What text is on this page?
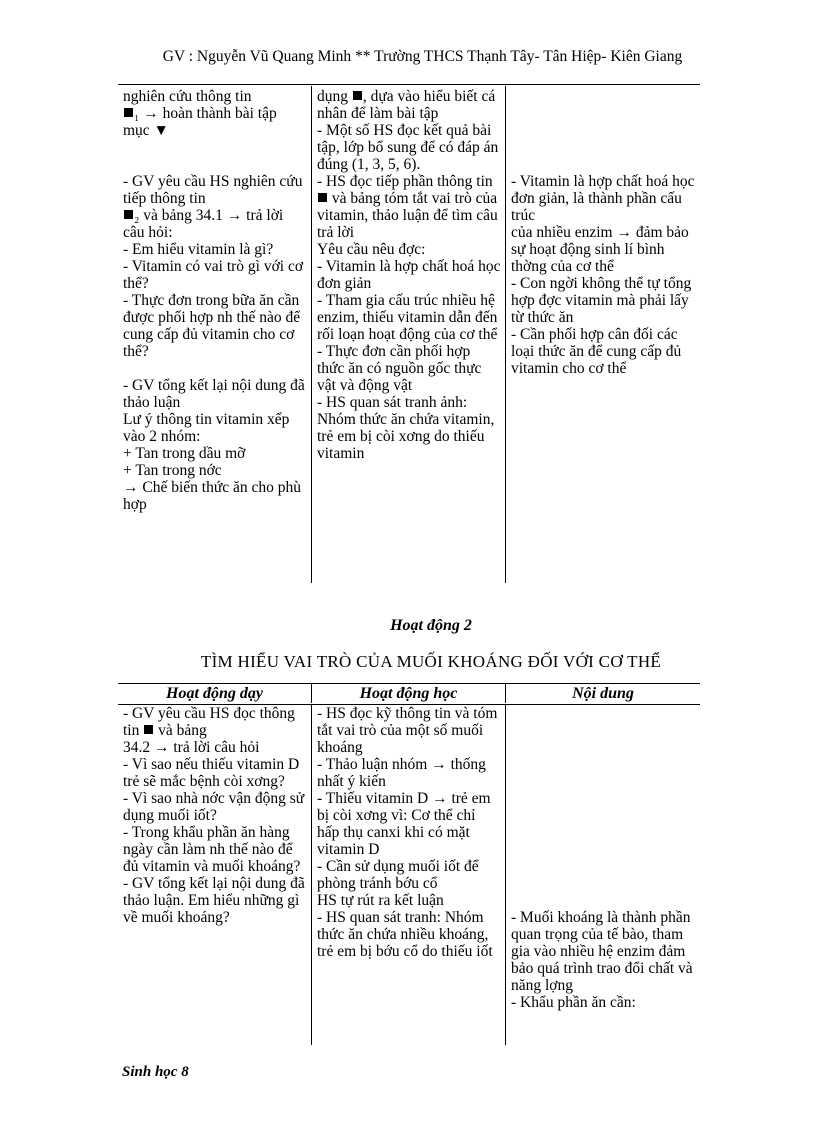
GV : Nguyễn Vũ Quang Minh ** Trường THCS Thạnh Tây- Tân Hiệp- Kiên Giang

nghiên cứu thông tin

₁ → hoàn thành bài tập mục ▼

- GV yêu cầu HS nghiên cứu tiếp thông tin

₂ và bảng 34.1 → trả lời câu hỏi:

- Em hiểu vitamin là gì?

- Vitamin có vai trò gì với cơ thể?

- Thực đơn trong bữa ăn cần được phối hợp nh thế nào để cung cấp đủ vitamin cho cơ thể?

- GV tổng kết lại nội dung đã thảo luận

Lư ý thông tin vitamin xếp vào 2 nhóm:

+ Tan trong dầu mỡ

+ Tan trong nớc

→ Chế biến thức ăn cho phù hợp

dụng , dựa vào hiểu biết cá nhân để làm bài tập

- Một số HS đọc kết quả bài tập, lớp bổ sung để có đáp án đúng (1, 3, 5, 6).

- HS đọc tiếp phần thông tin  và bảng tóm tắt vai trò của vitamin, thảo luận để tìm câu trả lời

Yêu cầu nêu đợc:

- Vitamin là hợp chất hoá học đơn giản

- Tham gia cấu trúc nhiều hệ enzim, thiếu vitamin dẫn đến rối loạn hoạt động của cơ thể

- Thực đơn cần phối hợp thức ăn có nguồn gốc thực vật và động vật

- HS quan sát tranh ảnh: Nhóm thức ăn chứa vitamin, trẻ em bị còi xơng do thiếu vitamin

- Vitamin là hợp chất hoá học đơn giản, là thành phần cấu trúc

của nhiều enzim → đảm bảo sự hoạt động sinh lí bình thờng của cơ thể

- Con ngời không thể tự tổng hợp đợc vitamin mà phải lấy từ thức ăn

- Cần phối hợp cân đối các loại thức ăn để cung cấp đủ vitamin cho cơ thể

Hoạt động 2
TÌM HIỂU VAI TRÒ CỦA MUỐI KHOÁNG ĐỐI VỚI CƠ THỂ
Hoạt động dạy	Hoạt động học	Nội dung

- GV yêu cầu HS đọc thông tin và bảng

34.2 → trả lời câu hỏi

- Vì sao nếu thiếu vitamin D trẻ sẽ mắc bệnh còi xơng?

- Vì sao nhà nớc vận động sử dụng muối iốt?

- Trong khẩu phần ăn hàng ngày cần làm nh thế nào để đủ vitamin và muối khoáng?

- GV tổng kết lại nội dung đã thảo luận. Em hiểu những gì về muối khoáng?

- HS đọc kỹ thông tin và tóm tắt vai trò của một số muối khoáng

- Thảo luận nhóm → thống nhất ý kiến

- Thiếu vitamin D → trẻ em bị còi xơng vì: Cơ thể chỉ hấp thụ canxi khi có mặt vitamin D

- Cần sử dụng muối iốt để phòng tránh bớu cổ

HS tự rút ra kết luận

- HS quan sát tranh: Nhóm thức ăn chứa nhiều khoáng, trẻ em bị bớu cổ do thiếu iốt

- Muối khoáng là thành phần quan trọng của tế bào, tham gia vào nhiều hệ enzim đảm bảo quá trình trao đổi chất và năng lợng

- Khẩu phần ăn cần:

Sinh học 8
